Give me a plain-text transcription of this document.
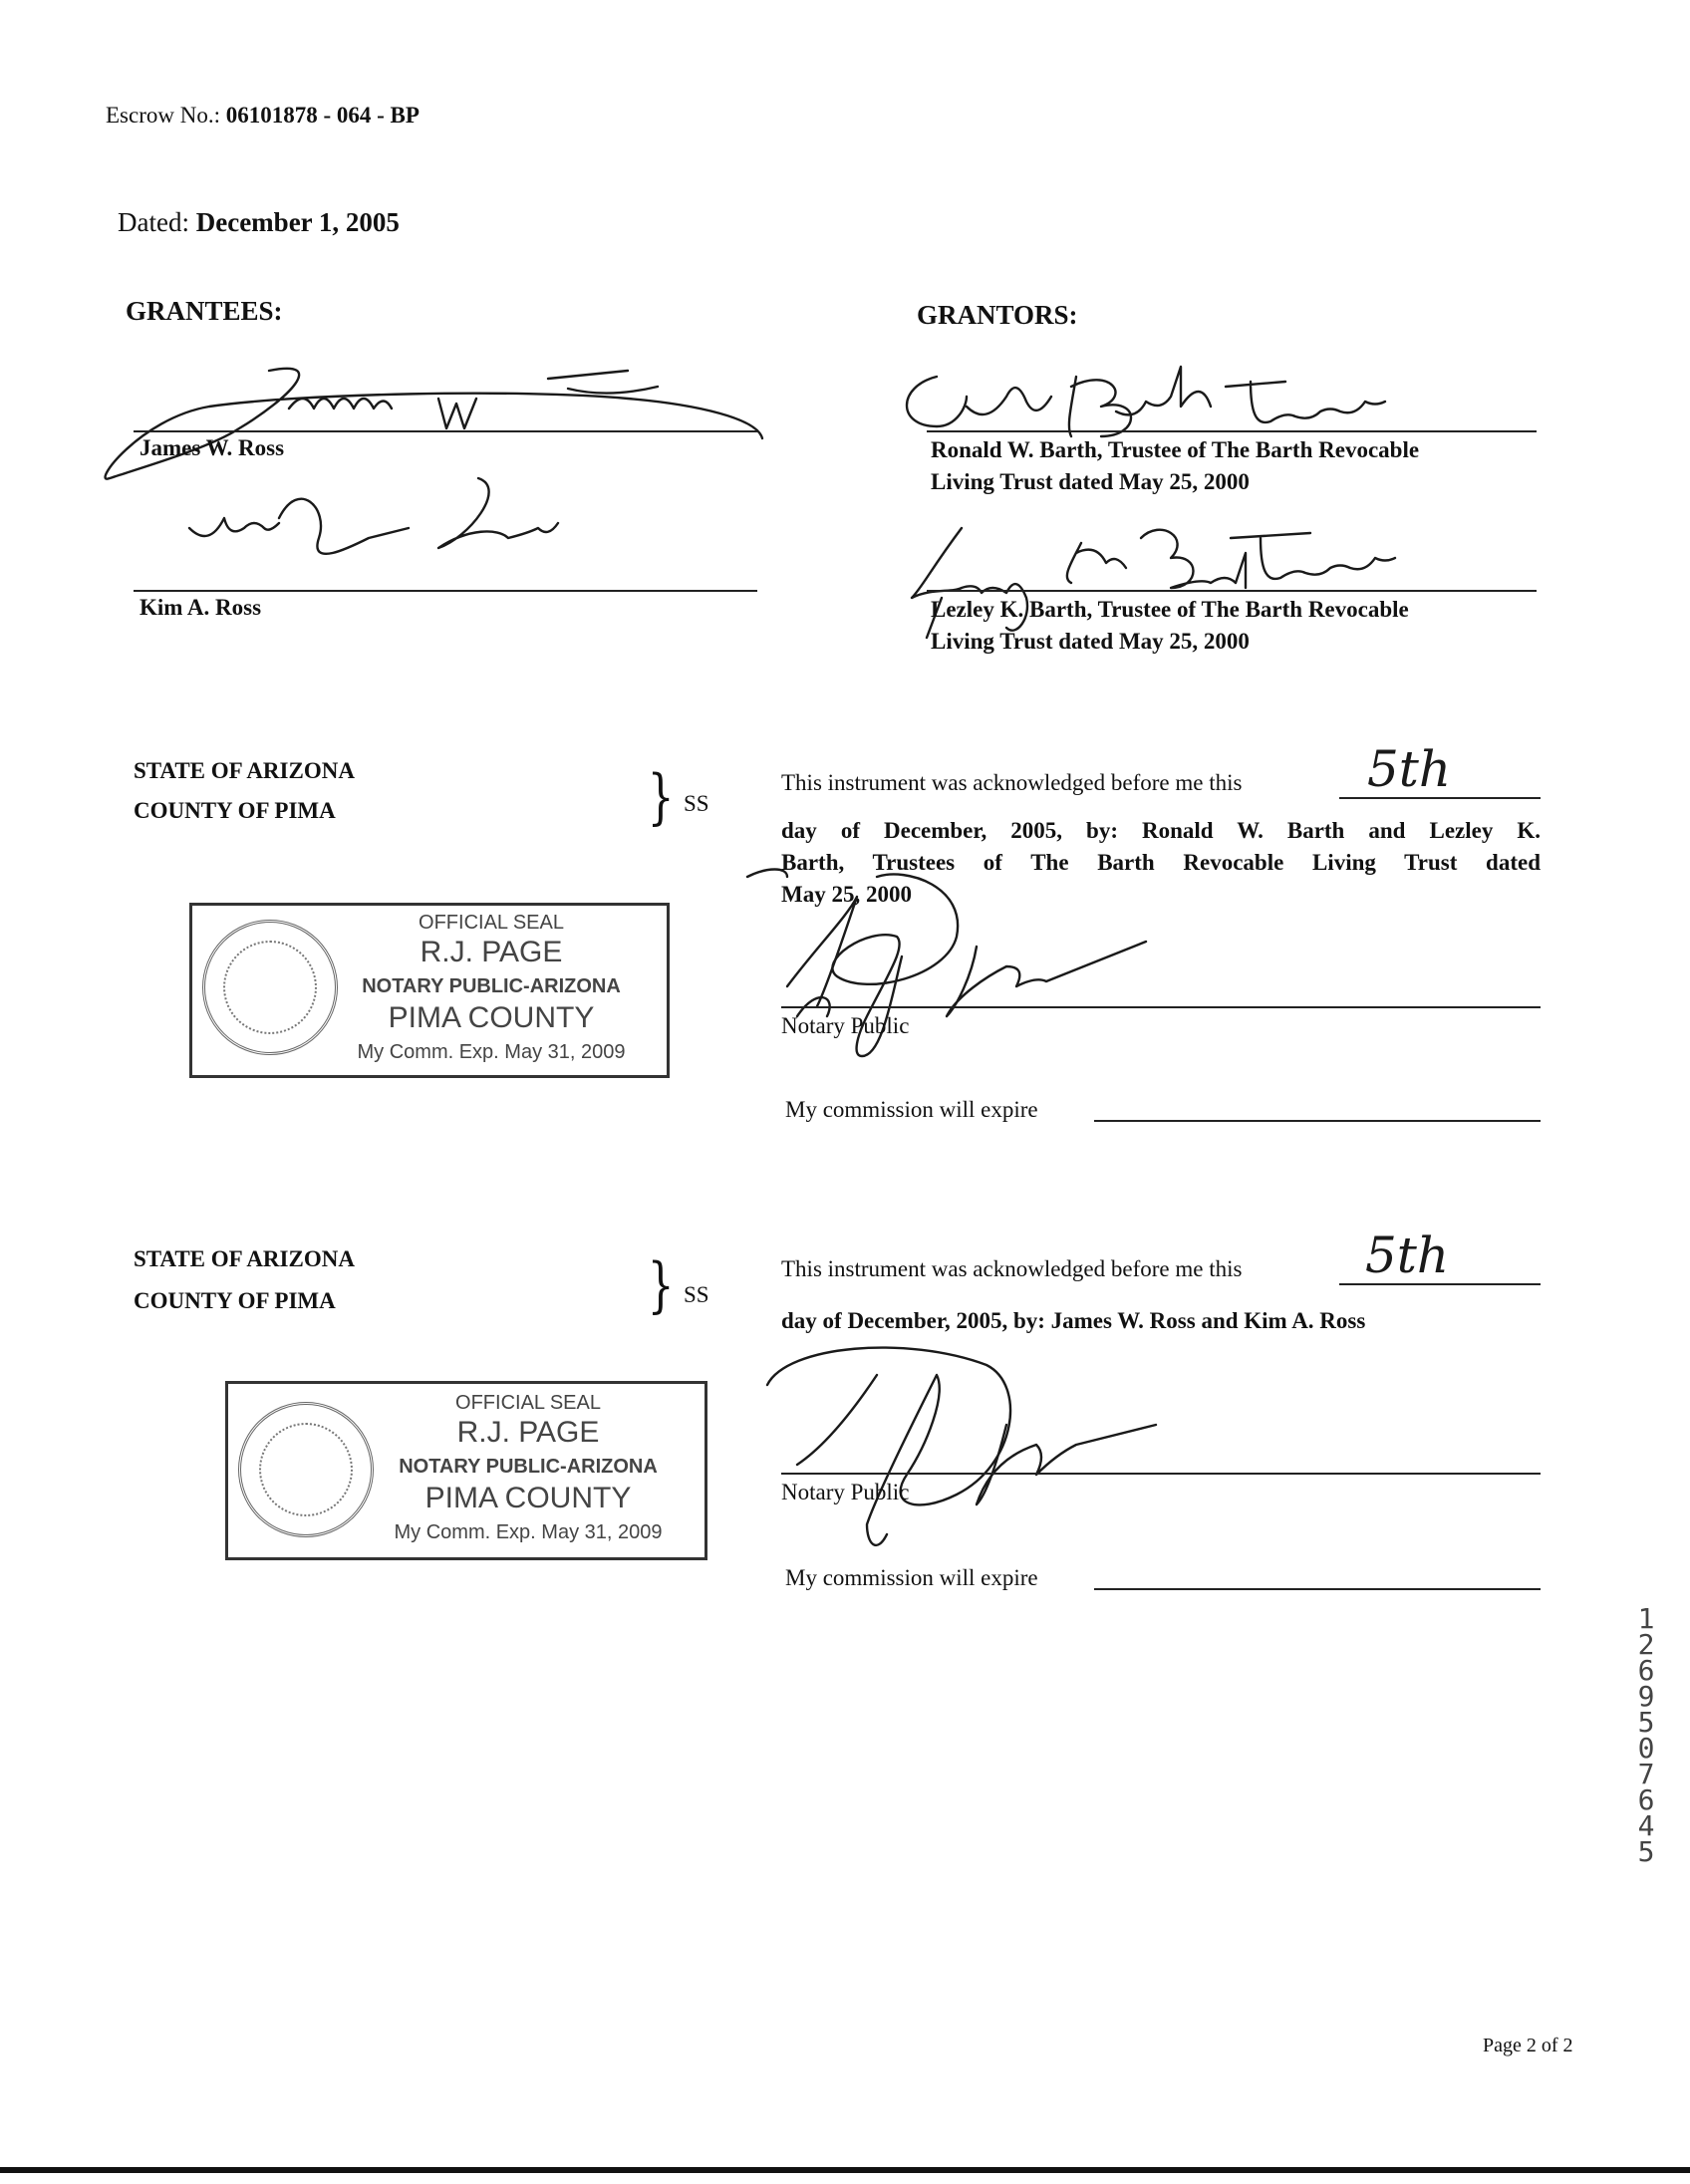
Escrow No.: 06101878 - 064 - BP
Dated: December 1, 2005
GRANTEES:
James W. Ross
Kim A. Ross
GRANTORS:
Ronald W. Barth, Trustee of The Barth Revocable
Living Trust dated May 25, 2000
Lezley K. Barth, Trustee of The Barth Revocable
Living Trust dated May 25, 2000
STATE OF ARIZONA
COUNTY OF PIMA	} SS
This instrument was acknowledged before me this	5th
day of December, 2005, by: Ronald W. Barth and Lezley K.
Barth, Trustees of The Barth Revocable Living Trust dated
May 25, 2000
Notary Public
My commission will expire
OFFICIAL SEAL
R.J. PAGE
NOTARY PUBLIC-ARIZONA
PIMA COUNTY
My Comm. Exp. May 31, 2009
STATE OF ARIZONA
COUNTY OF PIMA	} SS
This instrument was acknowledged before me this 5th
day of December, 2005, by: James W. Ross and Kim A. Ross
Notary Public
My commission will expire
OFFICIAL SEAL
R.J. PAGE
NOTARY PUBLIC-ARIZONA
PIMA COUNTY
My Comm. Exp. May 31, 2009
12695 07645
Page 2 of 2
